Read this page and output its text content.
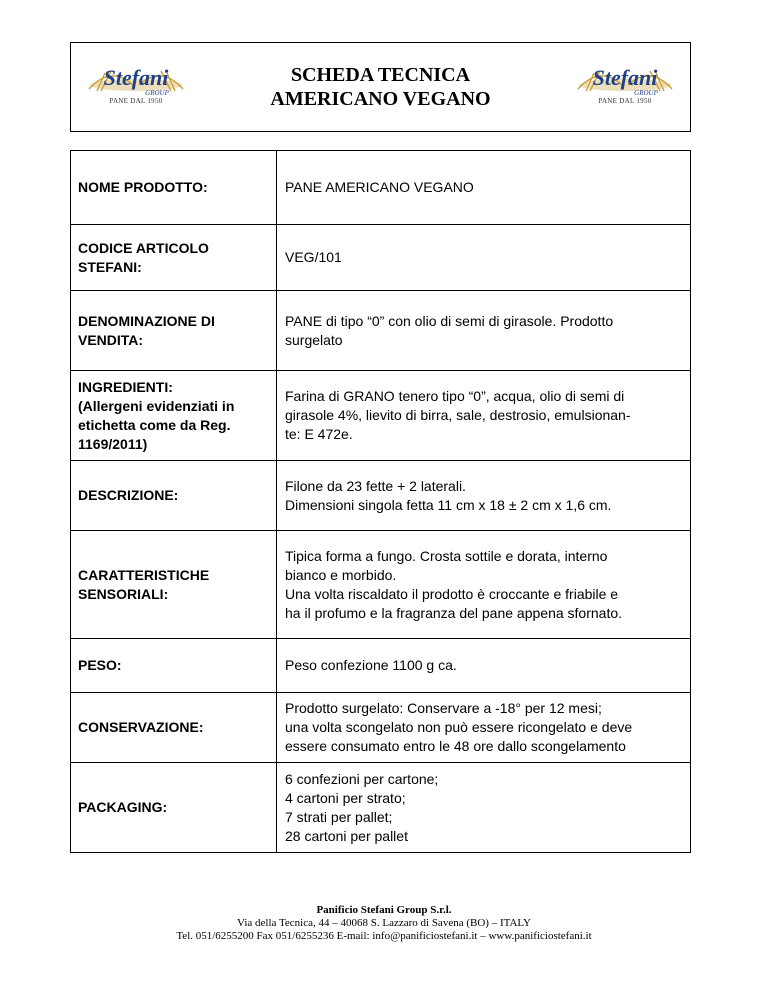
Stefani
GROUP
PANE DAL 1950
SCHEDA TECNICA
AMERICANO VEGANO
Stefani
GROUP
PANE DAL 1950
NOME PRODOTTO:	PANE AMERICANO VEGANO
CODICE ARTICOLO
STEFANI:	VEG/101
DENOMINAZIONE DI
VENDITA:	PANE di tipo “0” con olio di semi di girasole. Prodotto
surgelato
INGREDIENTI:
(Allergeni evidenziati in
etichetta come da Reg.
1169/2011)	Farina di GRANO tenero tipo “0”, acqua, olio di semi di
girasole 4%, lievito di birra, sale, destrosio, emulsionan-
te: E 472e.
DESCRIZIONE:	Filone da 23 fette + 2 laterali.
Dimensioni singola fetta 11 cm x 18 ± 2 cm x 1,6 cm.
CARATTERISTICHE
SENSORIALI:	Tipica forma a fungo. Crosta sottile e dorata, interno
bianco e morbido.
Una volta riscaldato il prodotto è croccante e friabile e
ha il profumo e la fragranza del pane appena sfornato.
PESO:	Peso confezione 1100 g ca.
CONSERVAZIONE:	Prodotto surgelato: Conservare a -18° per 12 mesi;
una volta scongelato non può essere ricongelato e deve
essere consumato entro le 48 ore dallo scongelamento
PACKAGING:	6 confezioni per cartone;
4 cartoni per strato;
7 strati per pallet;
28 cartoni per pallet
Panificio Stefani Group S.r.l.
Via della Tecnica, 44 – 40068 S. Lazzaro di Savena (BO) – ITALY
Tel. 051/6255200 Fax 051/6255236 E-mail: info@panificiostefani.it – www.panificiostefani.it
